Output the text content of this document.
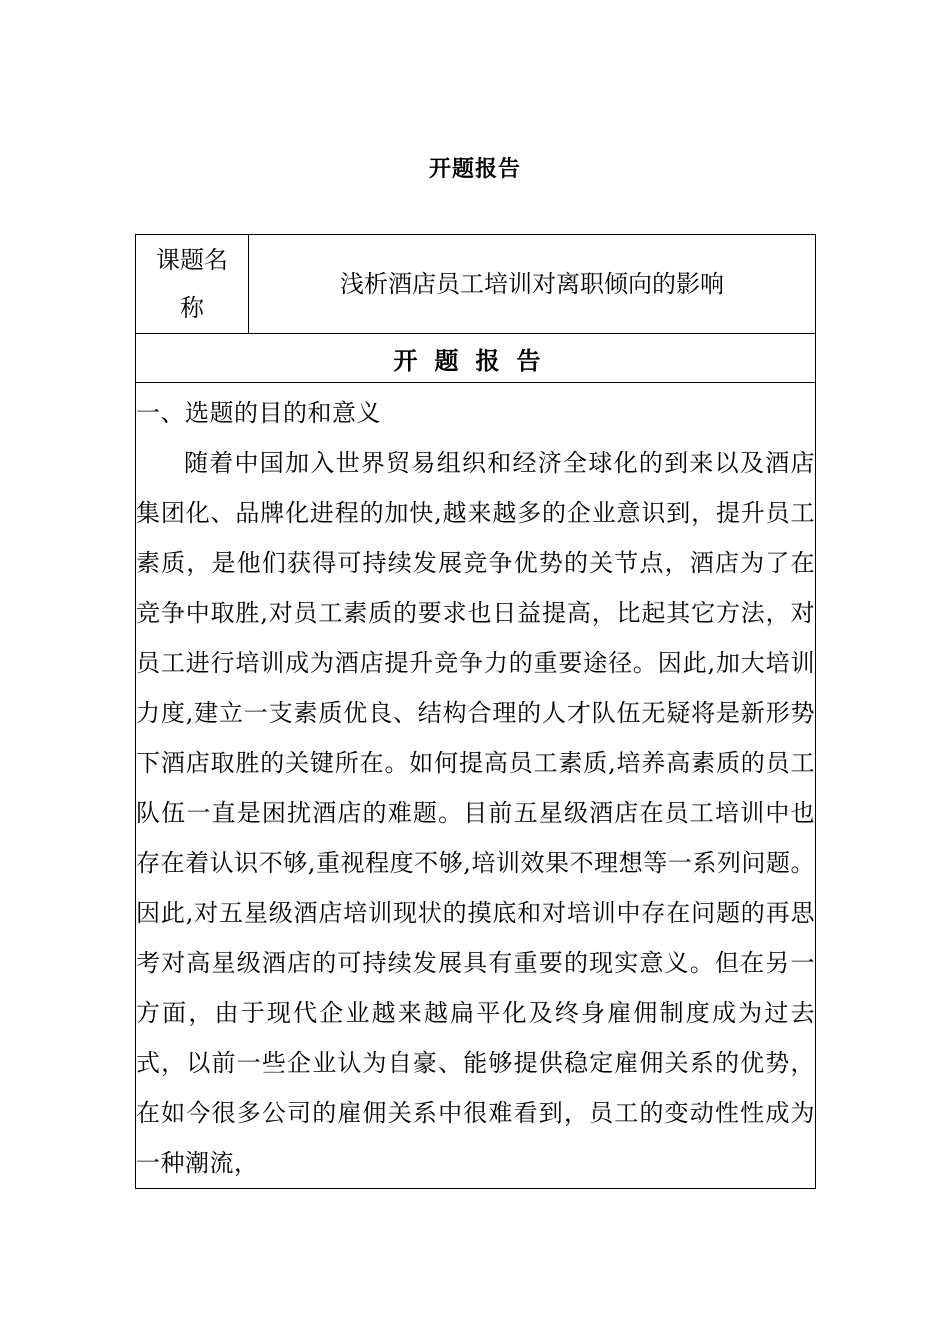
开题报告
课题名称	浅析酒店员工培训对离职倾向的影响
开题报告

一、选题的目的和意义

随着中国加入世界贸易组织和经济全球化的到来以及酒店集团化、品牌化进程的加快,越来越多的企业意识到，提升员工素质，是他们获得可持续发展竞争优势的关节点，酒店为了在竞争中取胜,对员工素质的要求也日益提高，比起其它方法，对员工进行培训成为酒店提升竞争力的重要途径。因此,加大培训力度,建立一支素质优良、结构合理的人才队伍无疑将是新形势下酒店取胜的关键所在。如何提高员工素质,培养高素质的员工队伍一直是困扰酒店的难题。目前五星级酒店在员工培训中也存在着认识不够,重视程度不够,培训效果不理想等一系列问题。因此,对五星级酒店培训现状的摸底和对培训中存在问题的再思考对高星级酒店的可持续发展具有重要的现实意义。但在另一方面，由于现代企业越来越扁平化及终身雇佣制度成为过去式，以前一些企业认为自豪、能够提供稳定雇佣关系的优势，在如今很多公司的雇佣关系中很难看到，员工的变动性性成为一种潮流，
